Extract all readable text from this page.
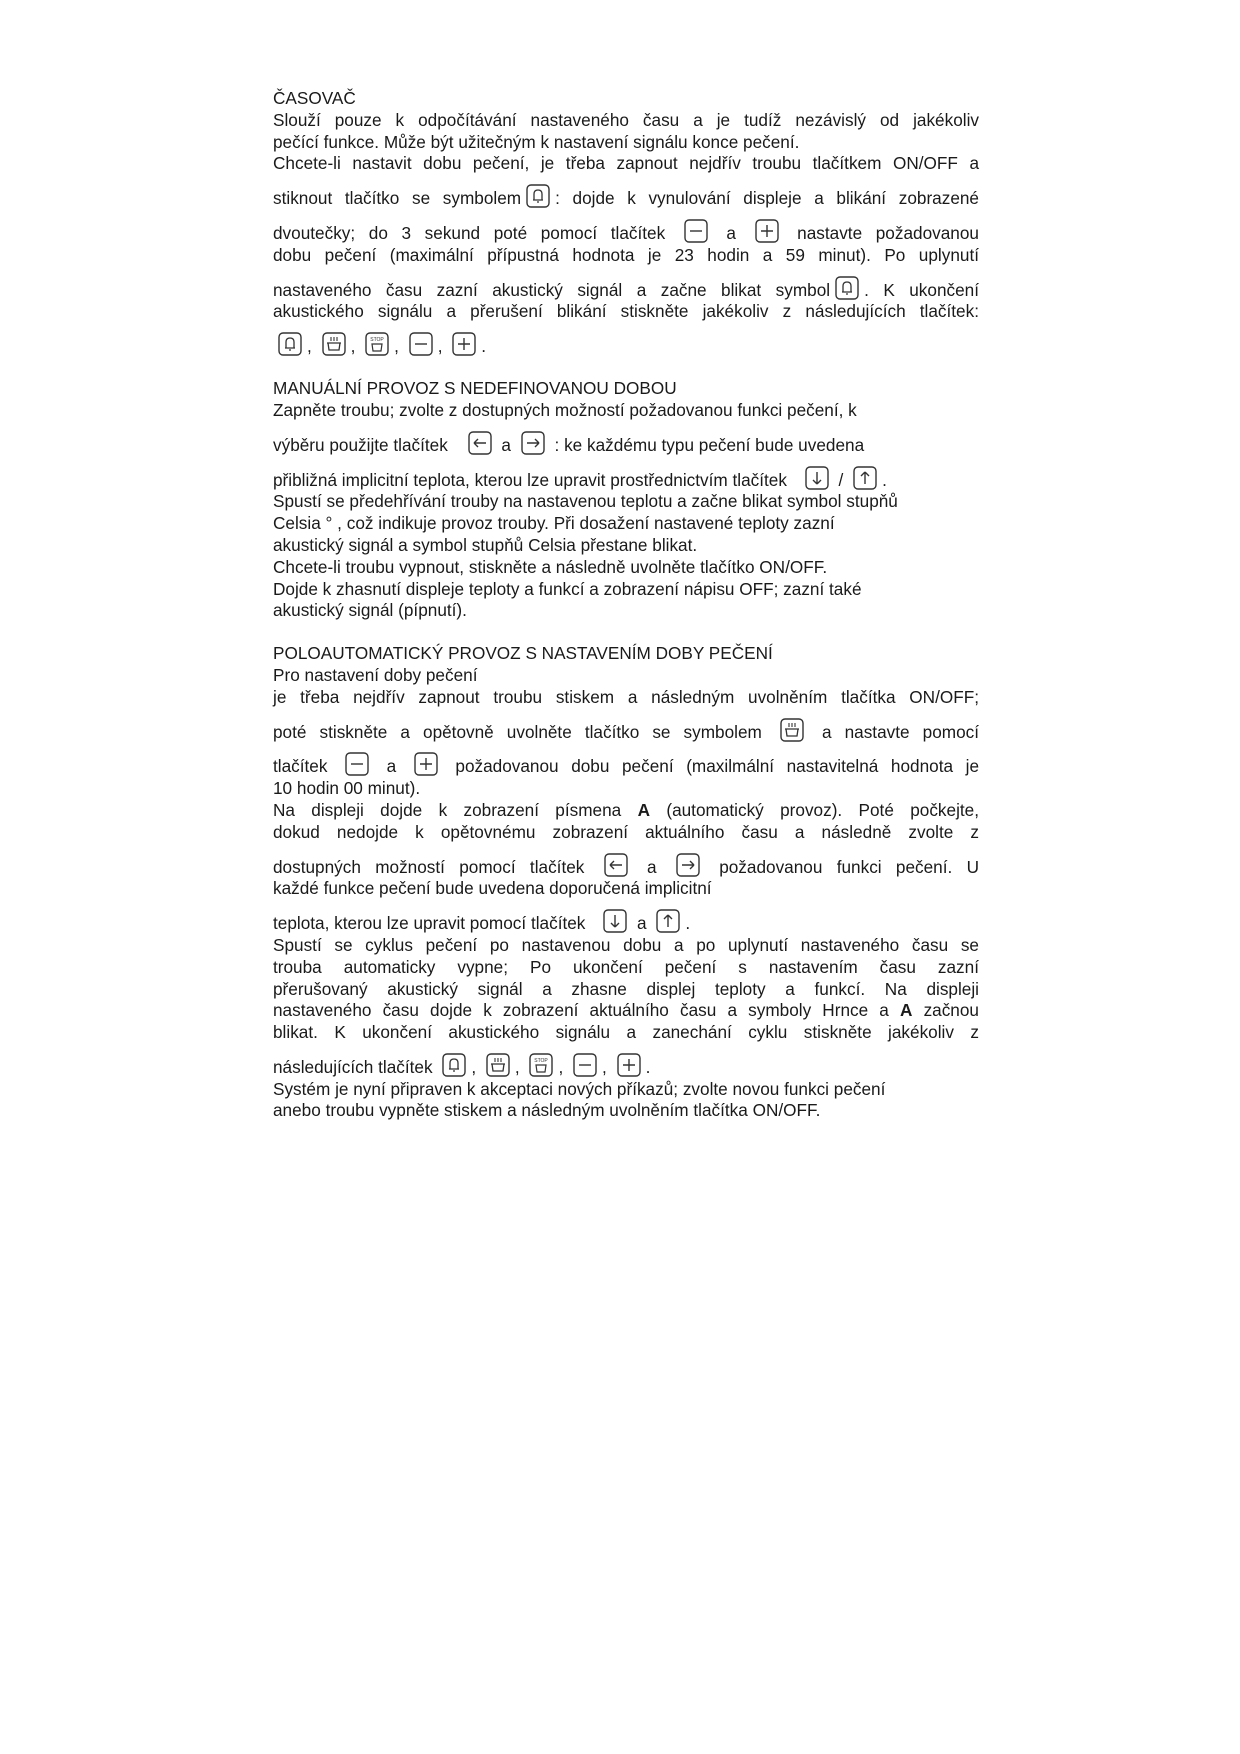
ČASOVAČ

Slouží pouze k odpočítávání nastaveného času a je tudíž nezávislý od jakékoliv

pečící funkce. Může být užitečným k nastavení signálu konce pečení.

Chcete-li nastavit dobu pečení, je třeba zapnout nejdřív troubu tlačítkem ON/OFF a

stiknout tlačítko se symbolem : dojde k vynulování displeje a blikání zobrazené

dvoutečky; do 3 sekund poté pomocí tlačítek	a	nastavte požadovanou

dobu pečení (maximální přípustná hodnota je 23 hodin a 59 minut). Po uplynutí

nastaveného času zazní akustický signál a začne blikat symbol . K ukončení

akustického signálu a přerušení blikání stiskněte jakékoliv z následujících tlačítek:

, , , , .

MANUÁLNÍ PROVOZ S NEDEFINOVANOU DOBOU

Zapněte troubu; zvolte z dostupných možností požadovanou funkci pečení, k

výběru použijte tlačítek	a	: ke každému typu pečení bude uvedena

přibližná implicitní teplota, kterou lze upravit prostřednictvím tlačítek	/ .

Spustí se předehřívání trouby na nastavenou teplotu a začne blikat symbol stupňů

Celsia ° , což indikuje provoz trouby. Při dosažení nastavené teploty zazní

akustický signál a symbol stupňů Celsia přestane blikat.

Chcete-li troubu vypnout, stiskněte a následně uvolněte tlačítko ON/OFF.

Dojde k zhasnutí displeje teploty a funkcí a zobrazení nápisu OFF; zazní také

akustický signál (pípnutí).

POLOAUTOMATICKÝ PROVOZ S NASTAVENÍM DOBY PEČENÍ

Pro nastavení doby pečení

je třeba nejdřív zapnout troubu stiskem a následným uvolněním tlačítka ON/OFF;

poté stiskněte a opětovně uvolněte tlačítko se symbolem	a nastavte pomocí

tlačítek	a	požadovanou dobu pečení (maxilmální nastavitelná hodnota je

10 hodin 00 minut).

Na displeji dojde k zobrazení písmena A (automatický provoz). Poté počkejte,

dokud nedojde k opětovnému zobrazení aktuálního času a následně zvolte z

dostupných možností pomocí tlačítek	a	požadovanou funkci pečení. U

každé funkce pečení bude uvedena doporučená implicitní

teplota, kterou lze upravit pomocí tlačítek	a .

Spustí se cyklus pečení po nastavenou dobu a po uplynutí nastaveného času se

trouba automaticky vypne; Po ukončení pečení s nastavením času zazní

přerušovaný akustický signál a zhasne displej teploty a funkcí. Na displeji

nastaveného času dojde k zobrazení aktuálního času a symboly Hrnce a A začnou

blikat. K ukončení akustického signálu a zanechání cyklu stiskněte jakékoliv z

následujících tlačítek , , , , .

Systém je nyní připraven k akceptaci nových příkazů; zvolte novou funkci pečení

anebo troubu vypněte stiskem a následným uvolněním tlačítka ON/OFF.
